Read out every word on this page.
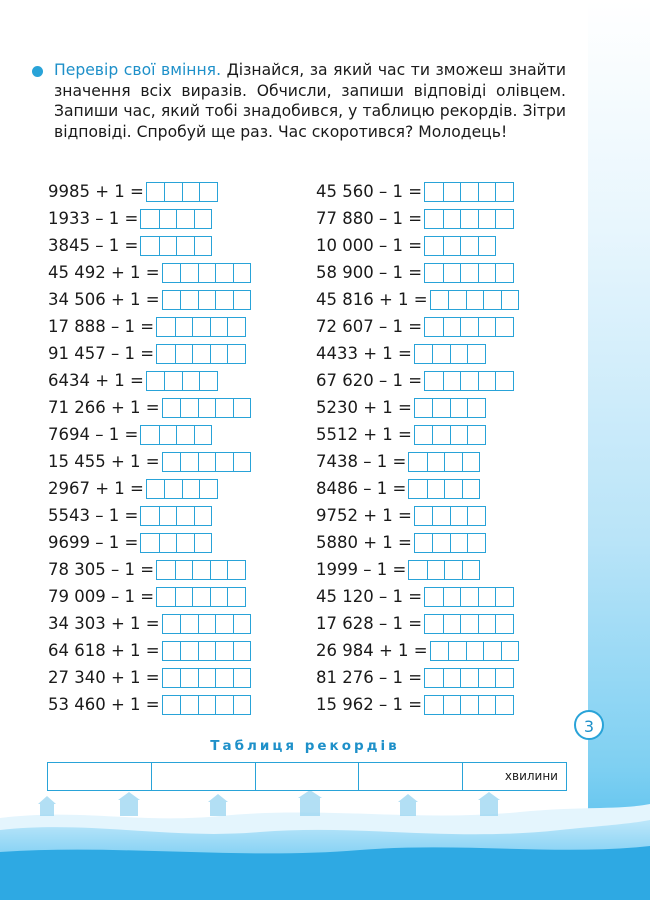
Перевір свої вміння. Дізнайся, за який час ти зможеш знайти значення всіх виразів. Обчисли, запиши відповіді олівцем. Запиши час, який тобі знадобився, у таблицю рекордів. Зітри відповіді. Спробуй ще раз. Час скоротився? Молодець!
9985 + 1 =
1933 – 1 =
3845 – 1 =
45 492 + 1 =
34 506 + 1 =
17 888 – 1 =
91 457 – 1 =
6434 + 1 =
71 266 + 1 =
7694 – 1 =
15 455 + 1 =
2967 + 1 =
5543 – 1 =
9699 – 1 =
78 305 – 1 =
79 009 – 1 =
34 303 + 1 =
64 618 + 1 =
27 340 + 1 =
53 460 + 1 =
45 560 – 1 =
77 880 – 1 =
10 000 – 1 =
58 900 – 1 =
45 816 + 1 =
72 607 – 1 =
4433 + 1 =
67 620 – 1 =
5230 + 1 =
5512 + 1 =
7438 – 1 =
8486 – 1 =
9752 + 1 =
5880 + 1 =
1999 – 1 =
45 120 – 1 =
17 628 – 1 =
26 984 + 1 =
81 276 – 1 =
15 962 – 1 =
3
Таблиця рекордів
хвилини
